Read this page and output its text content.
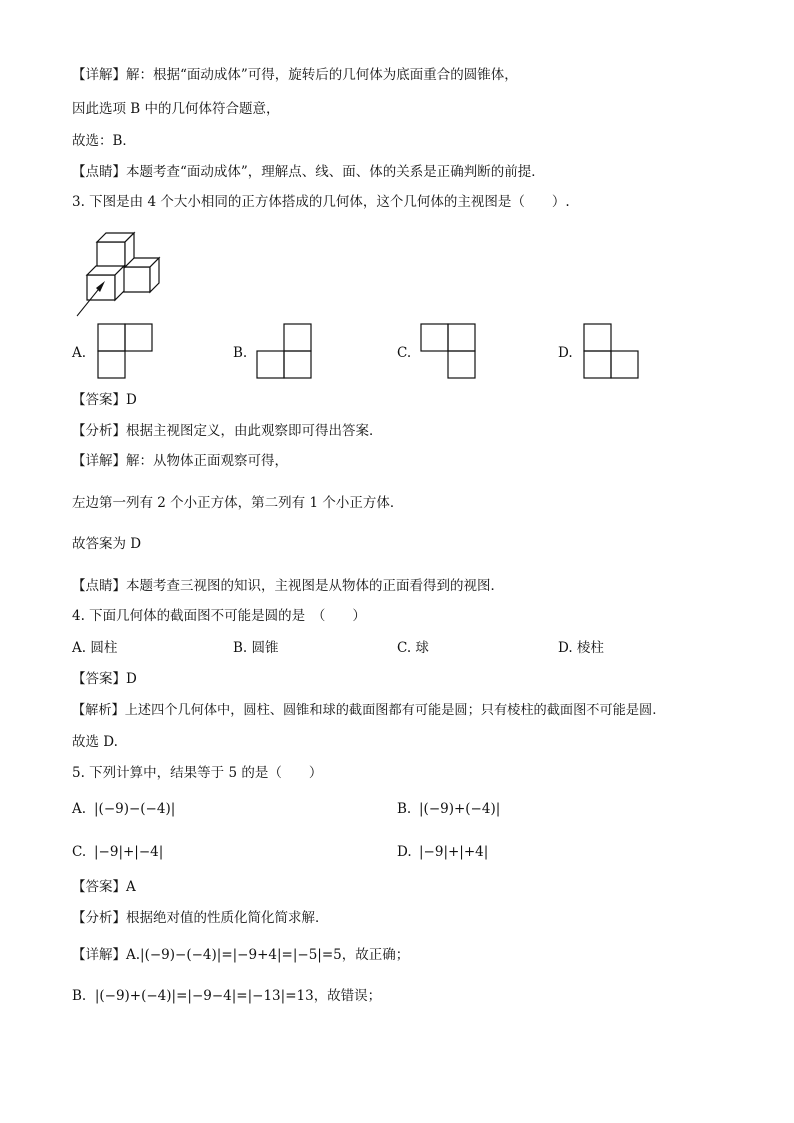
【详解】解：根据“面动成体”可得，旋转后的几何体为底面重合的圆锥体，
因此选项 B 中的几何体符合题意，
故选：B．
【点睛】本题考查“面动成体”，理解点、线、面、体的关系是正确判断的前提．
3. 下图是由 4 个大小相同的正方体搭成的几何体，这个几何体的主视图是（　　）.
A.	B.	C.	D.
【答案】D
【分析】根据主视图定义，由此观察即可得出答案．
【详解】解：从物体正面观察可得，
左边第一列有 2 个小正方体，第二列有 1 个小正方体．
故答案为 D
【点睛】本题考查三视图的知识，主视图是从物体的正面看得到的视图．
4. 下面几何体的截面图不可能是圆的是　（　　）
A. 圆柱	B. 圆锥	C. 球	D. 棱柱
【答案】D
【解析】上述四个几何体中，圆柱、圆锥和球的截面图都有可能是圆；只有棱柱的截面图不可能是圆.
故选 D.
5. 下列计算中，结果等于 5 的是（　　）
A. |(−9)−(−4)|	B. |(−9)+(−4)|
C. |−9|+|−4|	D. |−9|+|+4|
【答案】A
【分析】根据绝对值的性质化简化简求解．
【详解】A.|(−9)−(−4)|=|−9+4|=|−5|=5，故正确；
B. |(−9)+(−4)|=|−9−4|=|−13|=13，故错误；
